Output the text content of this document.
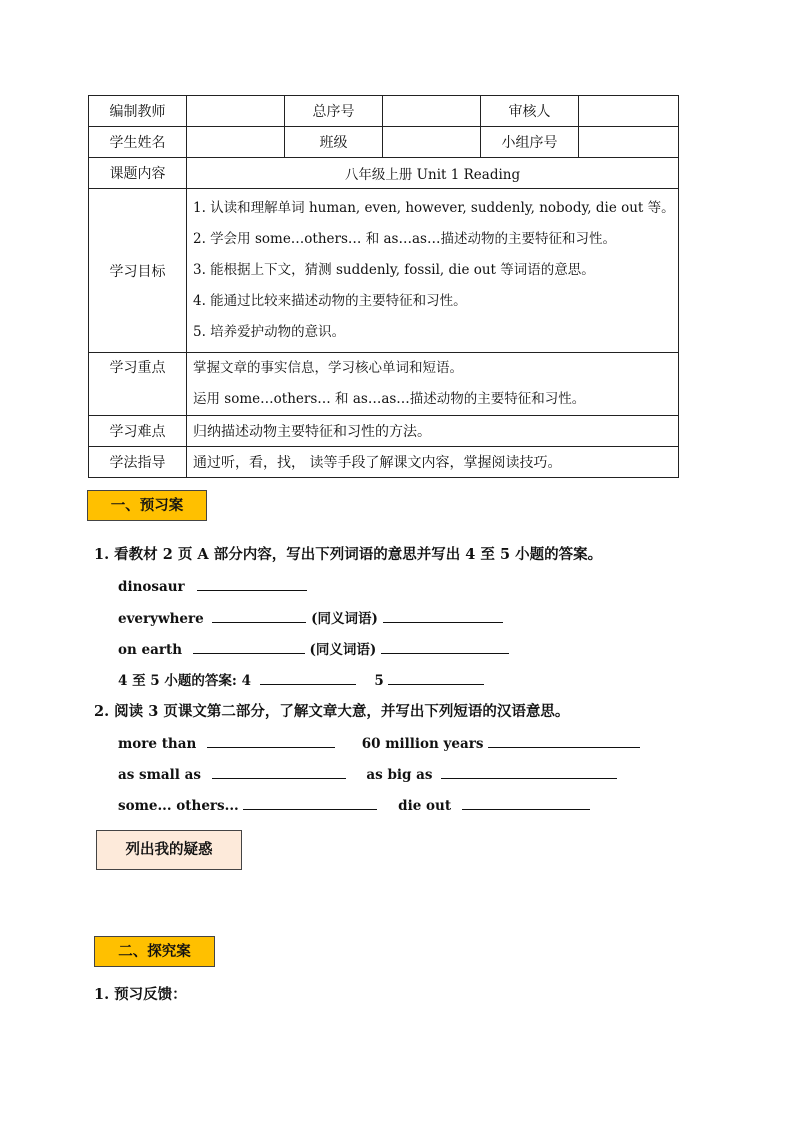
编制教师		总序号		审核人	
学生姓名		班级		小组序号	
课题内容	八年级上册 Unit 1 Reading				
学习目标	1. 认读和理解单词 human, even, however, suddenly, nobody, die out 等。
2. 学会用 some…others… 和 as…as…描述动物的主要特征和习性。
3. 能根据上下文，猜测 suddenly, fossil, die out 等词语的意思。
4. 能通过比较来描述动物的主要特征和习性。
5. 培养爱护动物的意识。				

学习重点	掌握文章的事实信息，学习核心单词和短语。
运用 some…others… 和 as…as…描述动物的主要特征和习性。				

学习难点	归纳描述动物主要特征和习性的方法。				
学法指导	通过听，看，找， 读等手段了解课文内容，掌握阅读技巧。				
一、预习案
1. 看教材 2 页 A 部分内容，写出下列词语的意思并写出 4 至 5 小题的答案。
dinosaur
everywhere	(同义词语)
on earth	(同义词语)
4 至 5 小题的答案: 4	5
2. 阅读 3 页课文第二部分，了解文章大意，并写出下列短语的汉语意思。
more than	60 million years
as small as	as big as
some... others...	die out
列出我的疑惑
二、探究案
1. 预习反馈：
